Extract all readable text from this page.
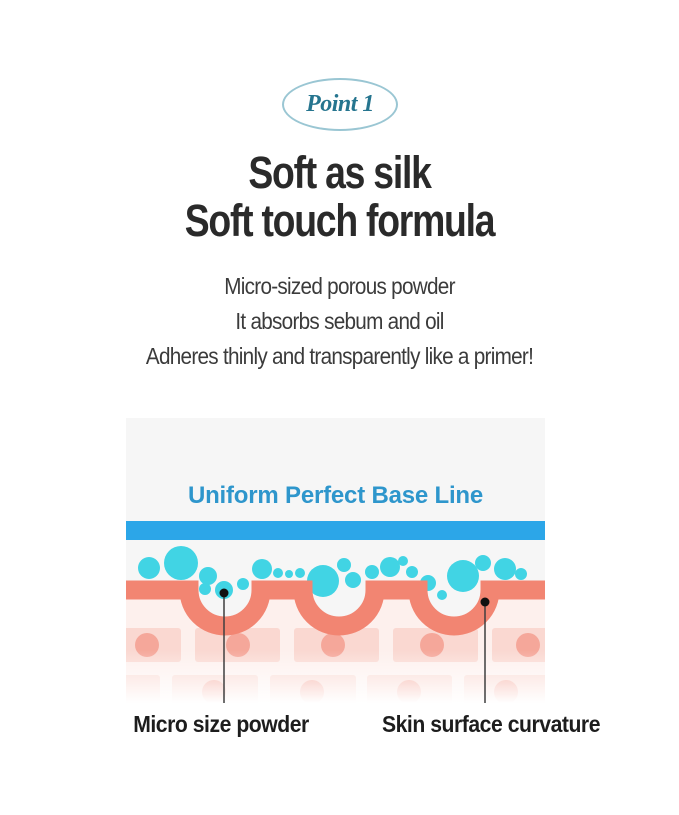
Point 1
Soft as silk
Soft touch formula
Micro-sized porous powder
It absorbs sebum and oil
Adheres thinly and transparently like a primer!
Uniform Perfect Base Line
Micro size powder	Skin surface curvature
